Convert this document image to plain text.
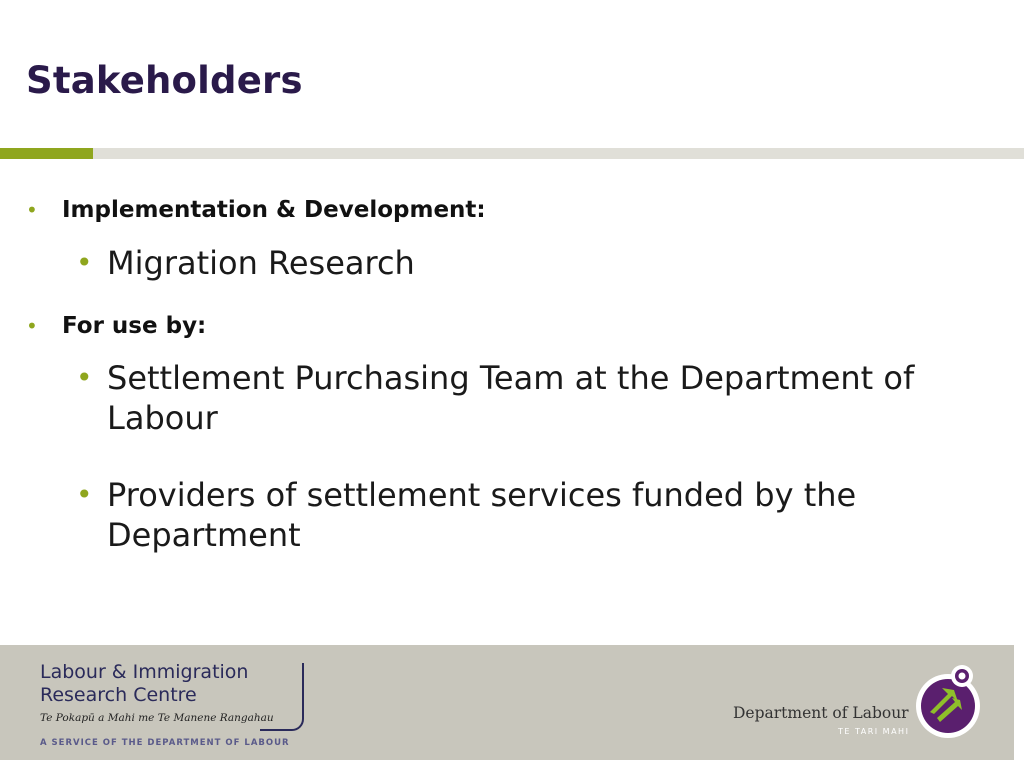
Stakeholders
• Implementation & Development:
• Migration Research
• For use by:
• Settlement Purchasing Team at the Department of Labour
• Providers of settlement services funded by the Department
Labour & Immigration
Research Centre
Te Pokapū a Mahi me Te Manene Rangahau
A SERVICE OF THE DEPARTMENT OF LABOUR
Department of Labour
TE TARI MAHI
